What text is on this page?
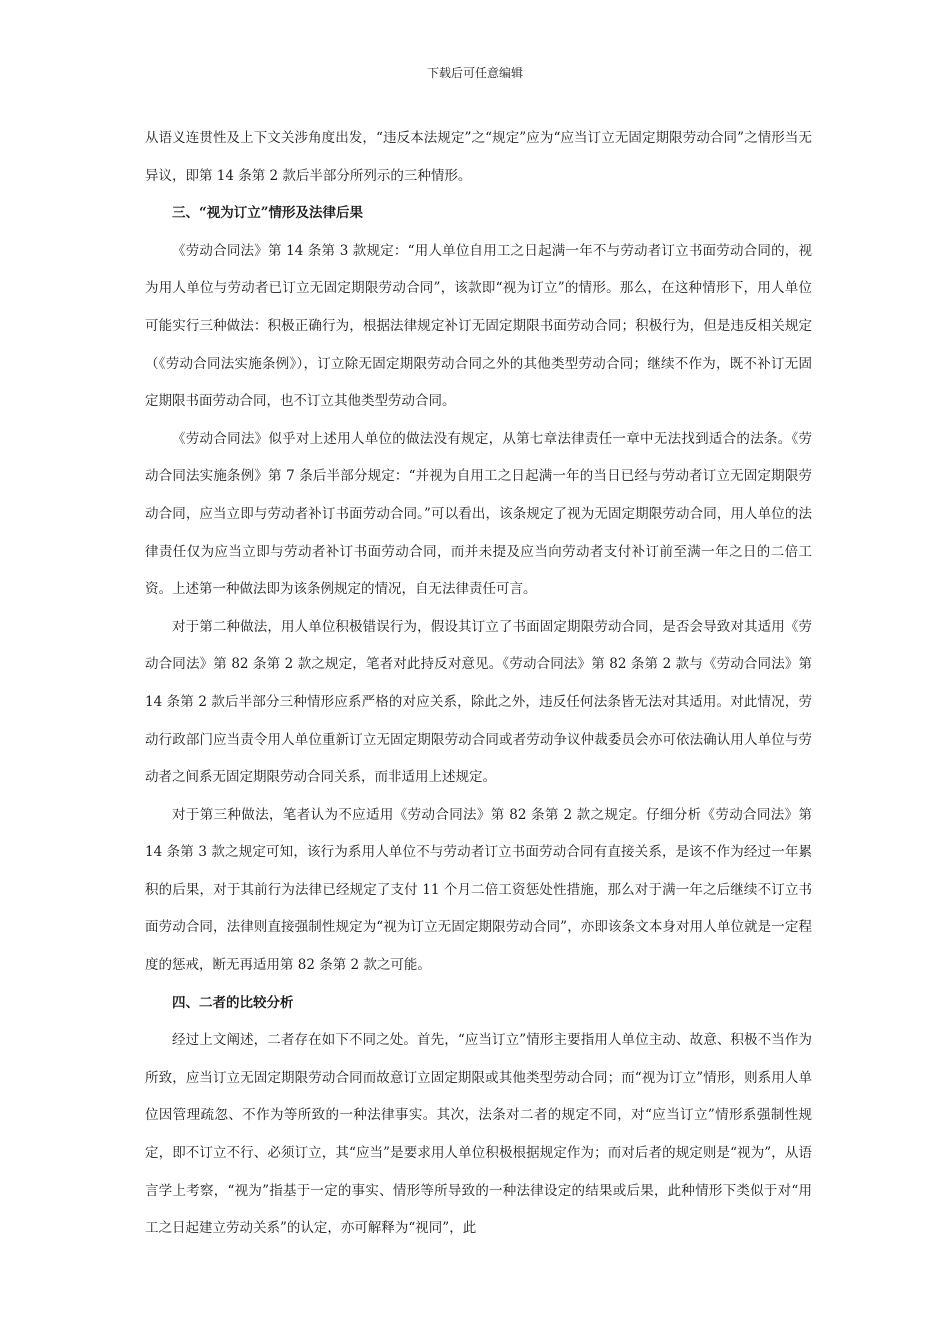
下载后可任意编辑

从语义连贯性及上下文关涉角度出发，“违反本法规定”之“规定”应为“应当订立无固定期限劳动合同”之情形当无异议，即第 14 条第 2 款后半部分所列示的三种情形。

三、“视为订立”情形及法律后果

《劳动合同法》第 14 条第 3 款规定：“用人单位自用工之日起满一年不与劳动者订立书面劳动合同的，视为用人单位与劳动者已订立无固定期限劳动合同”，该款即“视为订立”的情形。那么，在这种情形下，用人单位可能实行三种做法：积极正确行为，根据法律规定补订无固定期限书面劳动合同；积极行为，但是违反相关规定（《劳动合同法实施条例》），订立除无固定期限劳动合同之外的其他类型劳动合同；继续不作为，既不补订无固定期限书面劳动合同，也不订立其他类型劳动合同。

《劳动合同法》似乎对上述用人单位的做法没有规定，从第七章法律责任一章中无法找到适合的法条。《劳动合同法实施条例》第 7 条后半部分规定：“并视为自用工之日起满一年的当日已经与劳动者订立无固定期限劳动合同，应当立即与劳动者补订书面劳动合同。”可以看出，该条规定了视为无固定期限劳动合同，用人单位的法律责任仅为应当立即与劳动者补订书面劳动合同，而并未提及应当向劳动者支付补订前至满一年之日的二倍工资。上述第一种做法即为该条例规定的情况，自无法律责任可言。

对于第二种做法，用人单位积极错误行为，假设其订立了书面固定期限劳动合同，是否会导致对其适用《劳动合同法》第 82 条第 2 款之规定，笔者对此持反对意见。《劳动合同法》第 82 条第 2 款与《劳动合同法》第 14 条第 2 款后半部分三种情形应系严格的对应关系，除此之外，违反任何法条皆无法对其适用。对此情况，劳动行政部门应当责令用人单位重新订立无固定期限劳动合同或者劳动争议仲裁委员会亦可依法确认用人单位与劳动者之间系无固定期限劳动合同关系，而非适用上述规定。

对于第三种做法，笔者认为不应适用《劳动合同法》第 82 条第 2 款之规定。仔细分析《劳动合同法》第 14 条第 3 款之规定可知，该行为系用人单位不与劳动者订立书面劳动合同有直接关系，是该不作为经过一年累积的后果，对于其前行为法律已经规定了支付 11 个月二倍工资惩处性措施，那么对于满一年之后继续不订立书面劳动合同，法律则直接强制性规定为“视为订立无固定期限劳动合同”，亦即该条文本身对用人单位就是一定程度的惩戒，断无再适用第 82 条第 2 款之可能。

四、二者的比较分析

经过上文阐述，二者存在如下不同之处。首先，“应当订立”情形主要指用人单位主动、故意、积极不当作为所致，应当订立无固定期限劳动合同而故意订立固定期限或其他类型劳动合同；而“视为订立”情形，则系用人单位因管理疏忽、不作为等所致的一种法律事实。其次，法条对二者的规定不同，对“应当订立”情形系强制性规定，即不订立不行、必须订立，其“应当”是要求用人单位积极根据规定作为；而对后者的规定则是“视为”，从语言学上考察，“视为”指基于一定的事实、情形等所导致的一种法律设定的结果或后果，此种情形下类似于对“用工之日起建立劳动关系”的认定，亦可解释为“视同”，此
